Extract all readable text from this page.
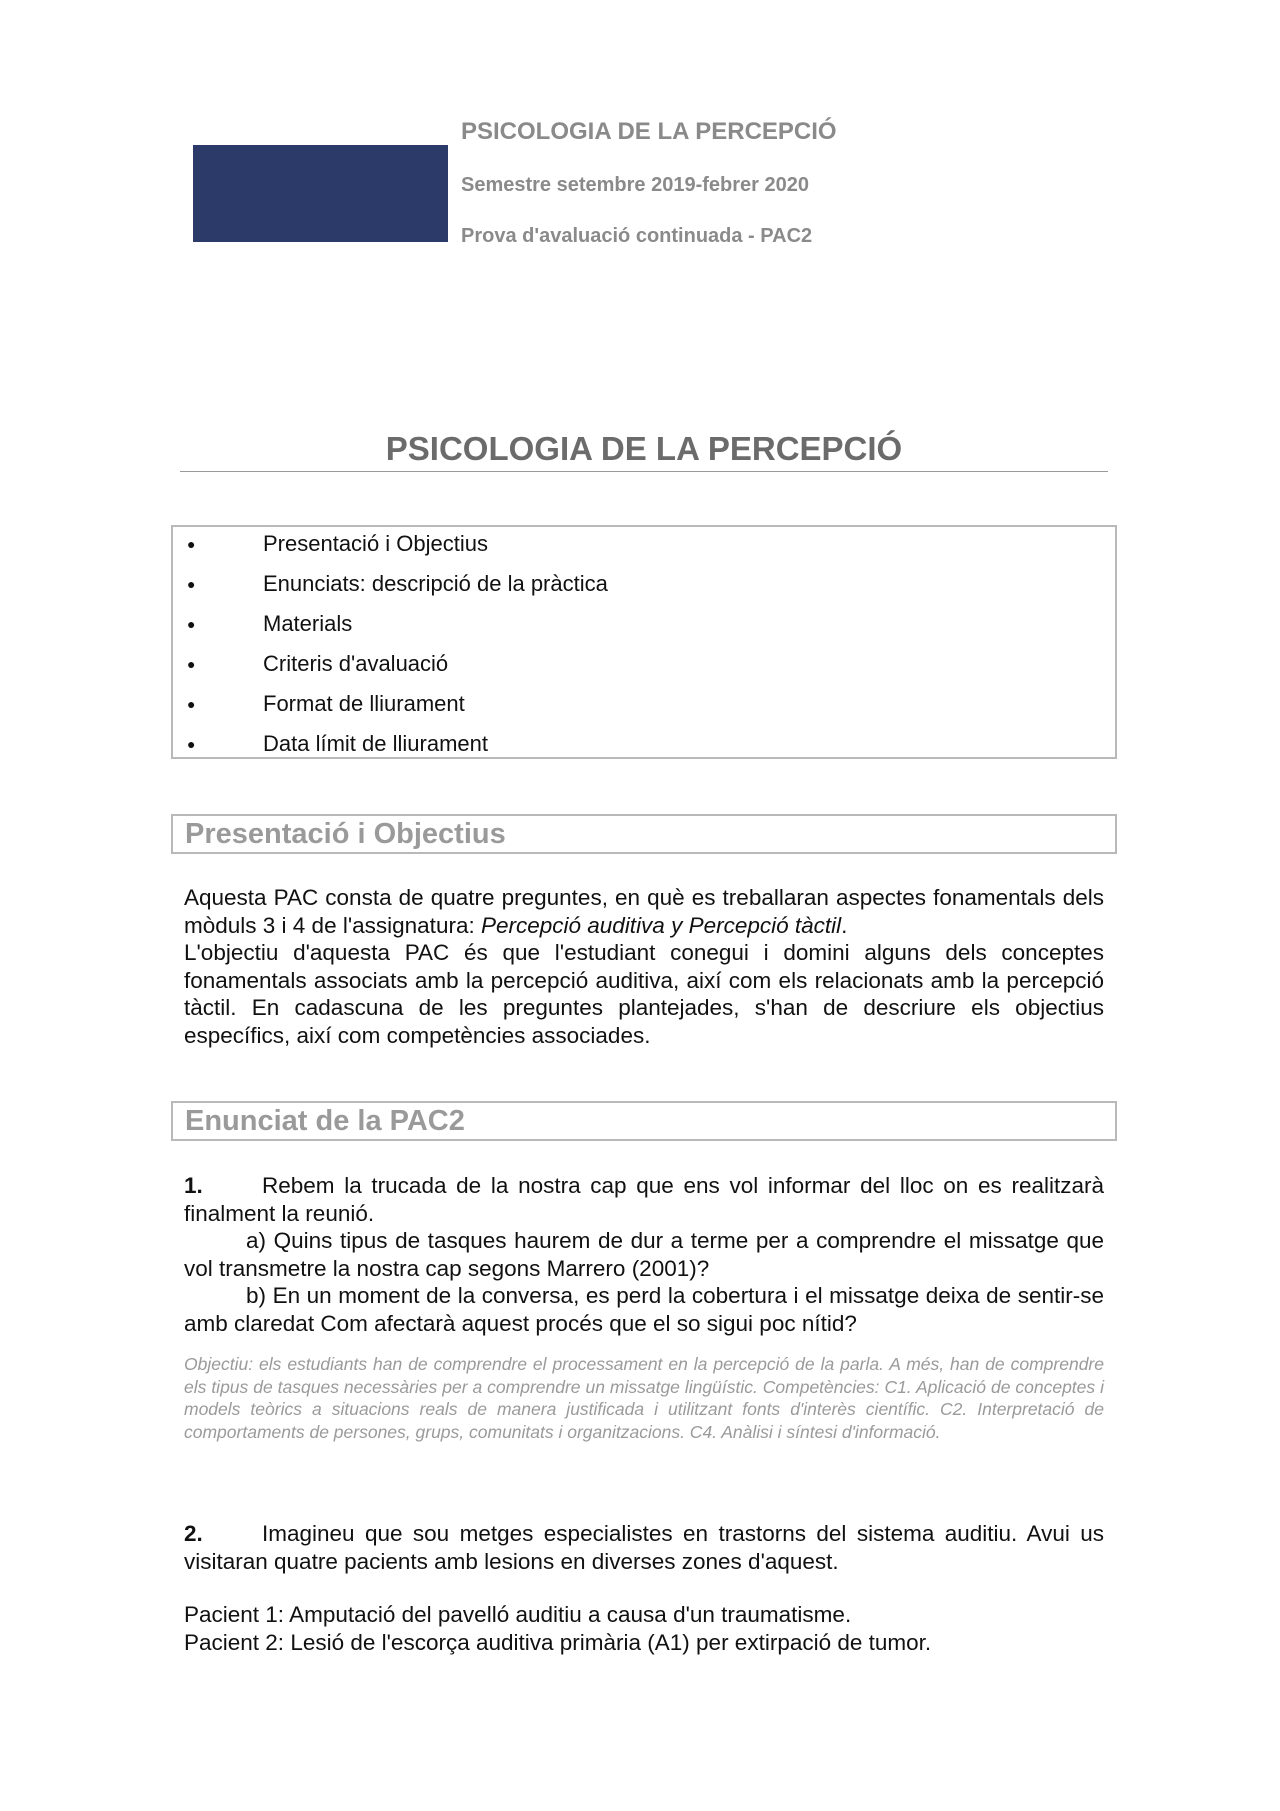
UOC
PSICOLOGIA DE LA PERCEPCIÓ
Semestre setembre 2019-febrer 2020
Prova d'avaluació continuada - PAC2
PSICOLOGIA DE LA PERCEPCIÓ
●	Presentació i Objectius
●	Enunciats: descripció de la pràctica
●	Materials
●	Criteris d'avaluació
●	Format de lliurament
●	Data límit de lliurament
Presentació i Objectius

Aquesta PAC consta de quatre preguntes, en què es treballaran aspectes fonamentals dels mòduls 3 i 4 de l'assignatura: Percepció auditiva y Percepció tàctil.

L'objectiu d'aquesta PAC és que l'estudiant conegui i domini alguns dels conceptes fonamentals associats amb la percepció auditiva, així com els relacionats amb la percepció tàctil. En cadascuna de les preguntes plantejades, s'han de descriure els objectius específics, així com competències associades.

Enunciat de la PAC2

1.	Rebem la trucada de la nostra cap que ens vol informar del lloc on es realitzarà finalment la reunió.

a) Quins tipus de tasques haurem de dur a terme per a comprendre el missatge que vol transmetre la nostra cap segons Marrero (2001)?

b) En un moment de la conversa, es perd la cobertura i el missatge deixa de sentir-se amb claredat Com afectarà aquest procés que el so sigui poc nítid?

Objectiu: els estudiants han de comprendre el processament en la percepció de la parla. A més, han de comprendre els tipus de tasques necessàries per a comprendre un missatge lingüístic. Competències: C1. Aplicació de conceptes i models teòrics a situacions reals de manera justificada i utilitzant fonts d'interès científic. C2. Interpretació de comportaments de persones, grups, comunitats i organitzacions. C4. Anàlisi i síntesi d'informació.

2.	Imagineu que sou metges especialistes en trastorns del sistema auditiu. Avui us visitaran quatre pacients amb lesions en diverses zones d'aquest.

Pacient 1: Amputació del pavelló auditiu a causa d'un traumatisme.

Pacient 2: Lesió de l'escorça auditiva primària (A1) per extirpació de tumor.
